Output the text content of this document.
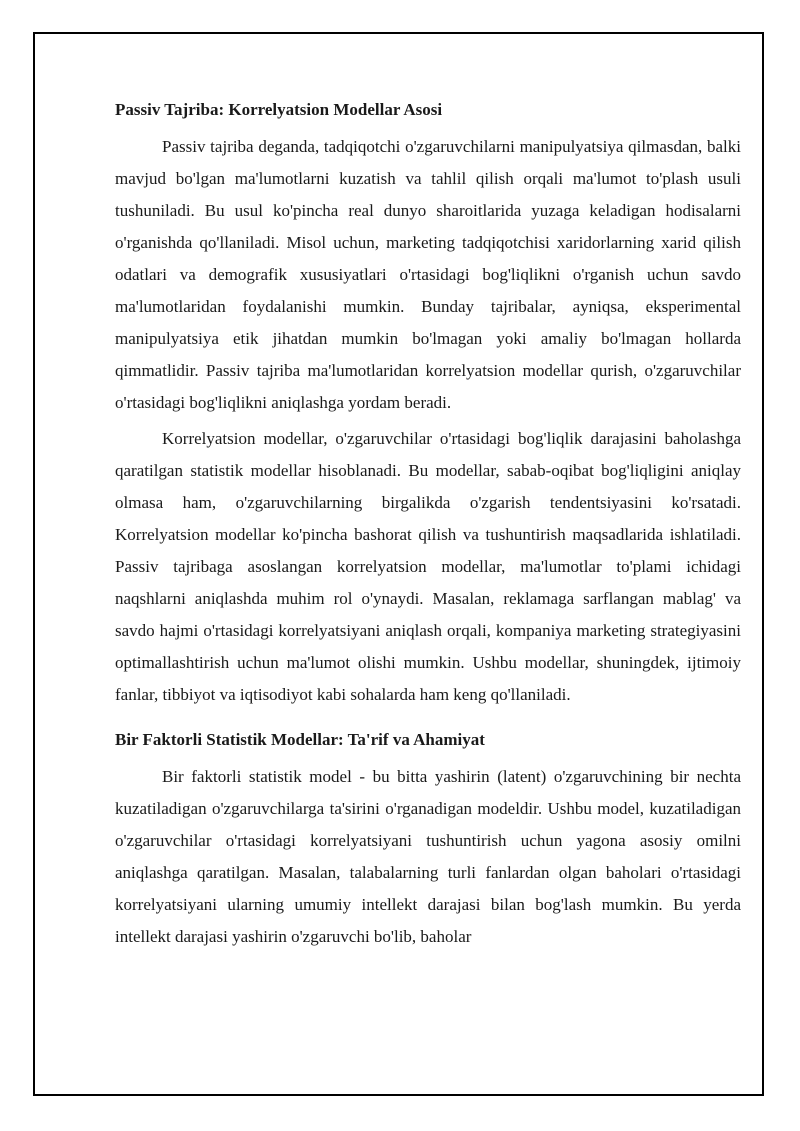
Passiv Tajriba: Korrelyatsion Modellar Asosi

Passiv tajriba deganda, tadqiqotchi o'zgaruvchilarni manipulyatsiya qilmasdan, balki mavjud bo'lgan ma'lumotlarni kuzatish va tahlil qilish orqali ma'lumot to'plash usuli tushuniladi. Bu usul ko'pincha real dunyo sharoitlarida yuzaga keladigan hodisalarni o'rganishda qo'llaniladi. Misol uchun, marketing tadqiqotchisi xaridorlarning xarid qilish odatlari va demografik xususiyatlari o'rtasidagi bog'liqlikni o'rganish uchun savdo ma'lumotlaridan foydalanishi mumkin. Bunday tajribalar, ayniqsa, eksperimental manipulyatsiya etik jihatdan mumkin bo'lmagan yoki amaliy bo'lmagan hollarda qimmatlidir. Passiv tajriba ma'lumotlaridan korrelyatsion modellar qurish, o'zgaruvchilar o'rtasidagi bog'liqlikni aniqlashga yordam beradi.

Korrelyatsion modellar, o'zgaruvchilar o'rtasidagi bog'liqlik darajasini baholashga qaratilgan statistik modellar hisoblanadi. Bu modellar, sabab-oqibat bog'liqligini aniqlay olmasa ham, o'zgaruvchilarning birgalikda o'zgarish tendentsiyasini ko'rsatadi. Korrelyatsion modellar ko'pincha bashorat qilish va tushuntirish maqsadlarida ishlatiladi. Passiv tajribaga asoslangan korrelyatsion modellar, ma'lumotlar to'plami ichidagi naqshlarni aniqlashda muhim rol o'ynaydi. Masalan, reklamaga sarflangan mablag' va savdo hajmi o'rtasidagi korrelyatsiyani aniqlash orqali, kompaniya marketing strategiyasini optimallashtirish uchun ma'lumot olishi mumkin. Ushbu modellar, shuningdek, ijtimoiy fanlar, tibbiyot va iqtisodiyot kabi sohalarda ham keng qo'llaniladi.

Bir Faktorli Statistik Modellar: Ta'rif va Ahamiyat

Bir faktorli statistik model - bu bitta yashirin (latent) o'zgaruvchining bir nechta kuzatiladigan o'zgaruvchilarga ta'sirini o'rganadigan modeldir. Ushbu model, kuzatiladigan o'zgaruvchilar o'rtasidagi korrelyatsiyani tushuntirish uchun yagona asosiy omilni aniqlashga qaratilgan. Masalan, talabalarning turli fanlardan olgan baholari o'rtasidagi korrelyatsiyani ularning umumiy intellekt darajasi bilan bog'lash mumkin. Bu yerda intellekt darajasi yashirin o'zgaruvchi bo'lib, baholar
